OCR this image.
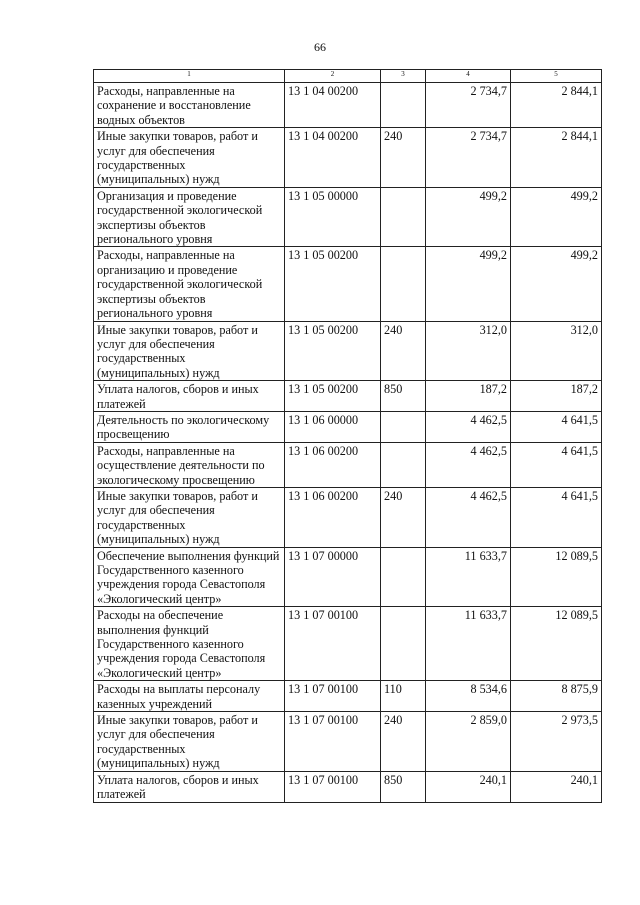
66
1	2	3	4	5
Расходы, направленные на сохранение и восстановление водных объектов	13 1 04 00200		2 734,7	2 844,1
Иные закупки товаров, работ и услуг для обеспечения государственных (муниципальных) нужд	13 1 04 00200	240	2 734,7	2 844,1
Организация и проведение государственной экологической экспертизы объектов регионального уровня	13 1 05 00000		499,2	499,2
Расходы, направленные на организацию и проведение государственной экологической экспертизы объектов регионального уровня	13 1 05 00200		499,2	499,2
Иные закупки товаров, работ и услуг для обеспечения государственных (муниципальных) нужд	13 1 05 00200	240	312,0	312,0
Уплата налогов, сборов и иных платежей	13 1 05 00200	850	187,2	187,2
Деятельность по экологическому просвещению	13 1 06 00000		4 462,5	4 641,5
Расходы, направленные на осуществление деятельности по экологическому просвещению	13 1 06 00200		4 462,5	4 641,5
Иные закупки товаров, работ и услуг для обеспечения государственных (муниципальных) нужд	13 1 06 00200	240	4 462,5	4 641,5
Обеспечение выполнения функций Государственного казенного учреждения города Севастополя «Экологический центр»	13 1 07 00000		11 633,7	12 089,5
Расходы на обеспечение выполнения функций Государственного казенного учреждения города Севастополя «Экологический центр»	13 1 07 00100		11 633,7	12 089,5
Расходы на выплаты персоналу казенных учреждений	13 1 07 00100	110	8 534,6	8 875,9
Иные закупки товаров, работ и услуг для обеспечения государственных (муниципальных) нужд	13 1 07 00100	240	2 859,0	2 973,5
Уплата налогов, сборов и иных платежей	13 1 07 00100	850	240,1	240,1
